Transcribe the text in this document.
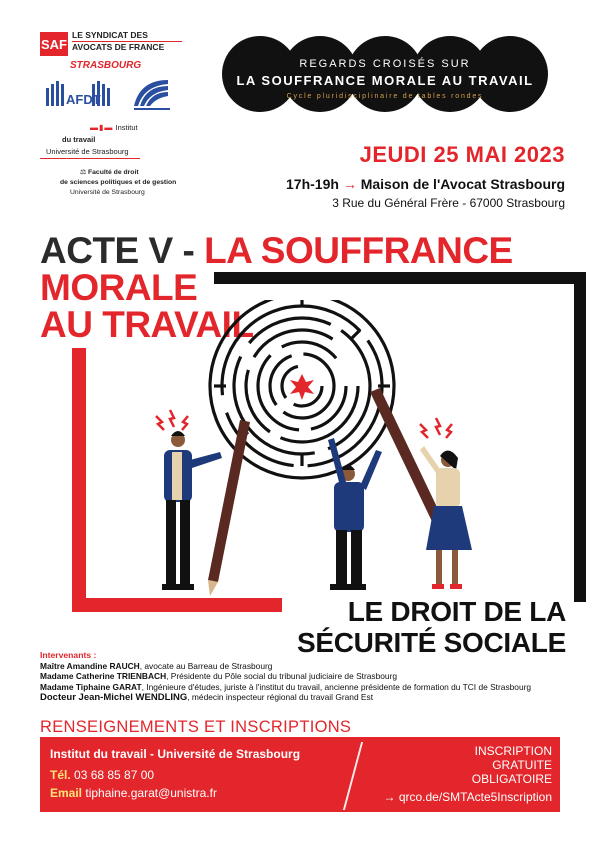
SAF
LE SYNDICAT DES
AVOCATS DE FRANCE
STRASBOURG
AFDT
▬▮▬ Institut
du travail
Université de Strasbourg
⚖ Faculté de droit
de sciences politiques et de gestion
Université de Strasbourg
REGARDS CROISÉS SUR
LA SOUFFRANCE MORALE AU TRAVAIL
Cycle pluridisciplinaire de tables rondes
JEUDI 25 MAI 2023
17h-19h → Maison de l'Avocat Strasbourg
3 Rue du Général Frère - 67000 Strasbourg
ACTE V - LA SOUFFRANCE
MORALE
AU TRAVAIL
LE DROIT DE LA
SÉCURITÉ SOCIALE
Intervenants :
Maître Amandine RAUCH, avocate au Barreau de Strasbourg
Madame Catherine TRIENBACH, Présidente du Pôle social du tribunal judiciaire de Strasbourg
Madame Tiphaine GARAT, Ingénieure d'études, juriste à l'institut du travail, ancienne présidente de formation du TCI de Strasbourg
Docteur Jean-Michel WENDLING, médecin inspecteur régional du travail Grand Est
RENSEIGNEMENTS ET INSCRIPTIONS
Institut du travail - Université de Strasbourg
Tél. 03 68 85 87 00
Email tiphaine.garat@unistra.fr
INSCRIPTION
GRATUITE
OBLIGATOIRE
→ qrco.de/SMTActe5Inscription
